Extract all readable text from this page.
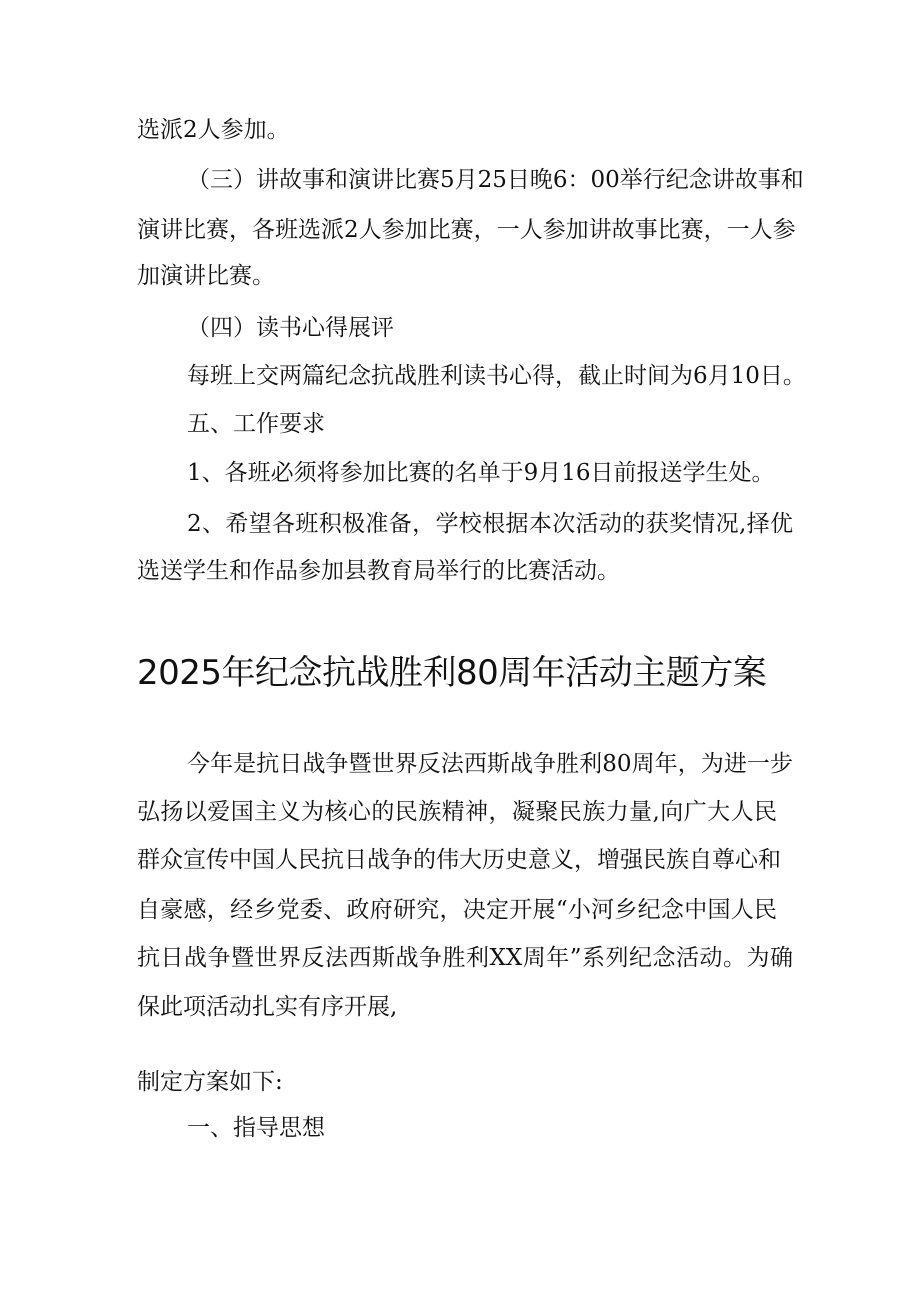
选派2人参加。

（三）讲故事和演讲比赛5月25日晚6：00举行纪念讲故事和

演讲比赛，各班选派2人参加比赛，一人参加讲故事比赛，一人参

加演讲比赛。

（四）读书心得展评

每班上交两篇纪念抗战胜利读书心得，截止时间为6月10日。

五、工作要求

1、各班必须将参加比赛的名单于9月16日前报送学生处。

2、希望各班积极准备，学校根据本次活动的获奖情况,择优

选送学生和作品参加县教育局举行的比赛活动。

2025年纪念抗战胜利80周年活动主题方案

今年是抗日战争暨世界反法西斯战争胜利80周年，为进一步

弘扬以爱国主义为核心的民族精神，凝聚民族力量,向广大人民

群众宣传中国人民抗日战争的伟大历史意义，增强民族自尊心和

自豪感，经乡党委、政府研究，决定开展“小河乡纪念中国人民

抗日战争暨世界反法西斯战争胜利XX周年”系列纪念活动。为确

保此项活动扎实有序开展,

制定方案如下:

一、指导思想
